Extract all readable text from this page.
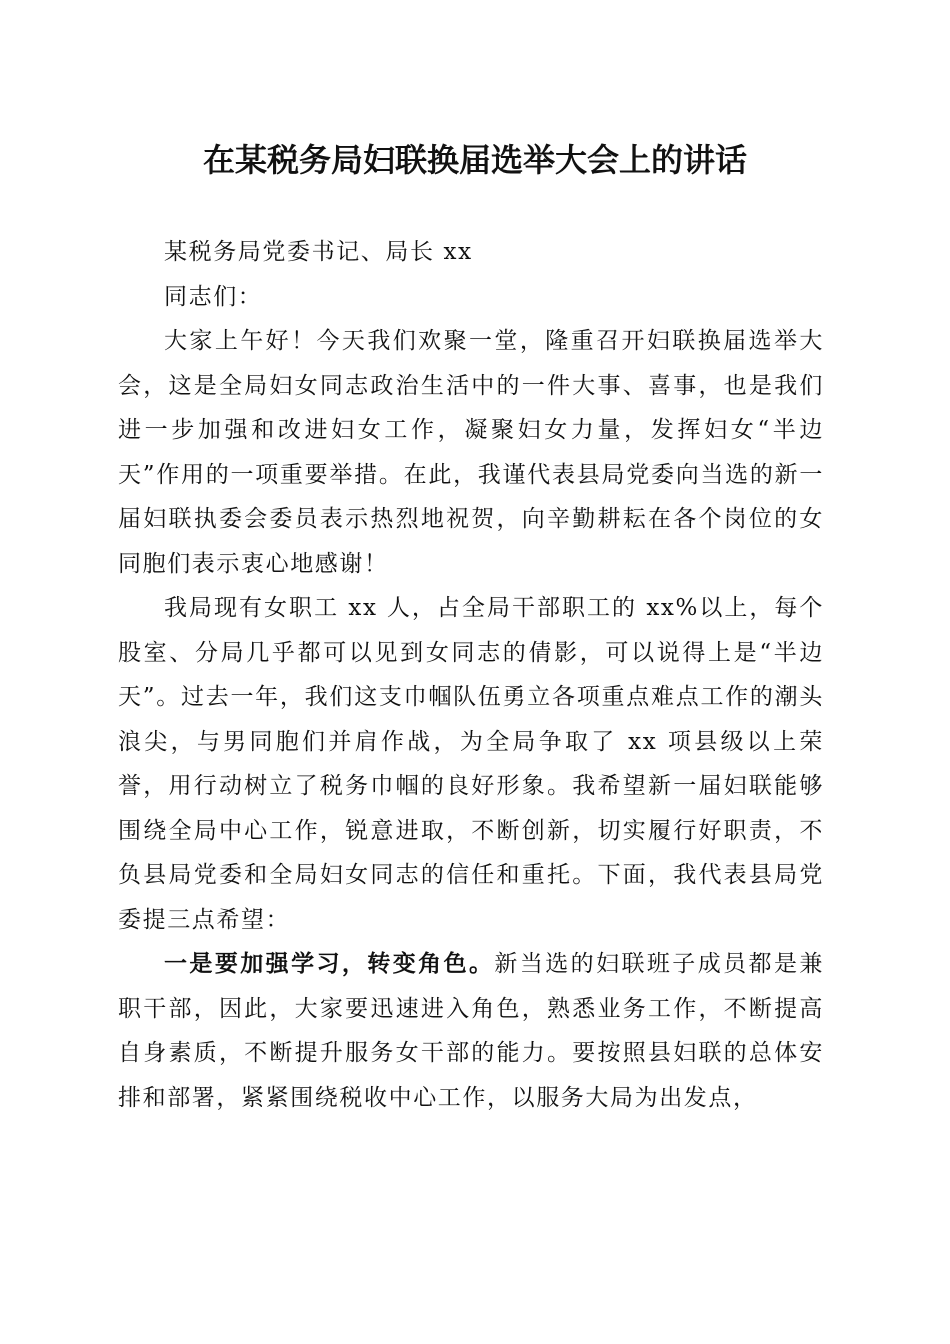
在某税务局妇联换届选举大会上的讲话

某税务局党委书记、局长 xx

同志们：

大家上午好！今天我们欢聚一堂，隆重召开妇联换届选举大会，这是全局妇女同志政治生活中的一件大事、喜事，也是我们进一步加强和改进妇女工作，凝聚妇女力量，发挥妇女“半边天”作用的一项重要举措。在此，我谨代表县局党委向当选的新一届妇联执委会委员表示热烈地祝贺，向辛勤耕耘在各个岗位的女同胞们表示衷心地感谢！

我局现有女职工 xx 人，占全局干部职工的 xx%以上，每个股室、分局几乎都可以见到女同志的倩影，可以说得上是“半边天”。过去一年，我们这支巾帼队伍勇立各项重点难点工作的潮头浪尖，与男同胞们并肩作战，为全局争取了 xx 项县级以上荣誉，用行动树立了税务巾帼的良好形象。我希望新一届妇联能够围绕全局中心工作，锐意进取，不断创新，切实履行好职责，不负县局党委和全局妇女同志的信任和重托。下面，我代表县局党委提三点希望：

一是要加强学习，转变角色。新当选的妇联班子成员都是兼职干部，因此，大家要迅速进入角色，熟悉业务工作，不断提高自身素质，不断提升服务女干部的能力。要按照县妇联的总体安排和部署，紧紧围绕税收中心工作，以服务大局为出发点，
